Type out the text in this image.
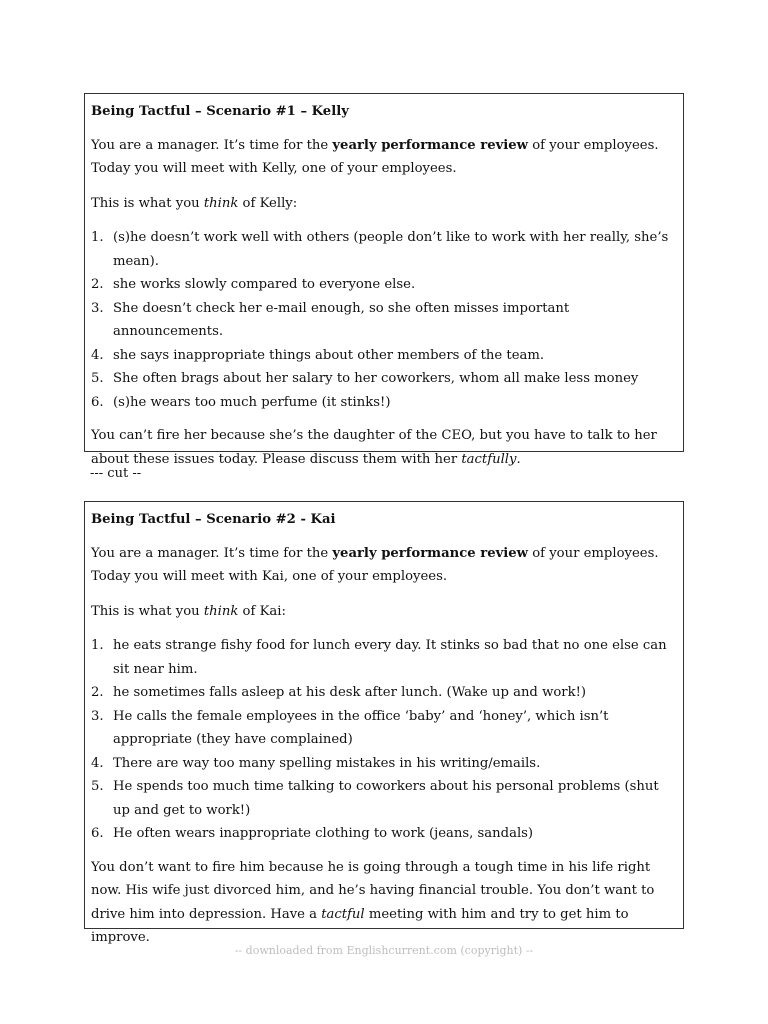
Being Tactful – Scenario #1 – Kelly

You are a manager. It’s time for the yearly performance review of your employees. Today you will meet with Kelly, one of your employees.

This is what you think of Kelly:

1. (s)he doesn’t work well with others (people don’t like to work with her really, she’s mean).
2. she works slowly compared to everyone else.
3. She doesn’t check her e-mail enough, so she often misses important announcements.
4. she says inappropriate things about other members of the team.
5. She often brags about her salary to her coworkers, whom all make less money
6. (s)he wears too much perfume (it stinks!)

You can’t fire her because she’s the daughter of the CEO, but you have to talk to her about these issues today. Please discuss them with her tactfully.

--- cut --
Being Tactful – Scenario #2 - Kai

You are a manager. It’s time for the yearly performance review of your employees. Today you will meet with Kai, one of your employees.

This is what you think of Kai:

1. he eats strange fishy food for lunch every day. It stinks so bad that no one else can sit near him.
2. he sometimes falls asleep at his desk after lunch. (Wake up and work!)
3. He calls the female employees in the office ‘baby’ and ‘honey’, which isn’t appropriate (they have complained)
4. There are way too many spelling mistakes in his writing/emails.
5. He spends too much time talking to coworkers about his personal problems (shut up and get to work!)
6. He often wears inappropriate clothing to work (jeans, sandals)

You don’t want to fire him because he is going through a tough time in his life right now. His wife just divorced him, and he’s having financial trouble. You don’t want to drive him into depression. Have a tactful meeting with him and try to get him to improve.

-- downloaded from Englishcurrent.com (copyright) --
